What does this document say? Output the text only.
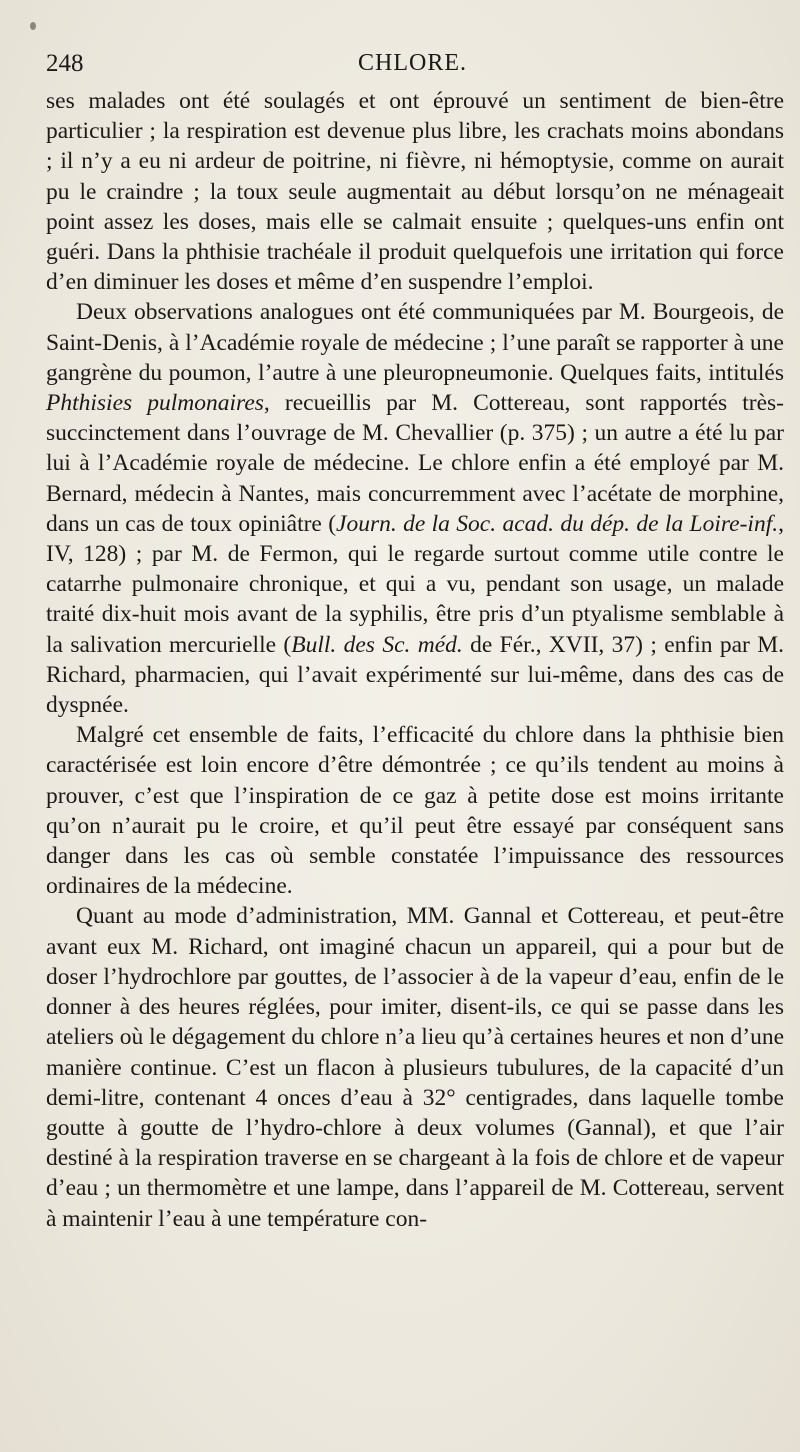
248	CHLORE.

ses malades ont été soulagés et ont éprouvé un sentiment de bien-être particulier ; la respiration est devenue plus libre, les crachats moins abondans ; il n’y a eu ni ardeur de poitrine, ni fièvre, ni hémoptysie, comme on aurait pu le craindre ; la toux seule augmentait au début lorsqu’on ne ménageait point assez les doses, mais elle se calmait ensuite ; quelques-uns enfin ont guéri. Dans la phthisie trachéale il produit quelquefois une irritation qui force d’en diminuer les doses et même d’en suspendre l’emploi.

Deux observations analogues ont été communiquées par M. Bourgeois, de Saint-Denis, à l’Académie royale de médecine ; l’une paraît se rapporter à une gangrène du poumon, l’autre à une pleuropneumonie. Quelques faits, intitulés Phthisies pulmonaires, recueillis par M. Cottereau, sont rapportés très-succinctement dans l’ouvrage de M. Chevallier (p. 375) ; un autre a été lu par lui à l’Académie royale de médecine. Le chlore enfin a été employé par M. Bernard, médecin à Nantes, mais concurremment avec l’acétate de morphine, dans un cas de toux opiniâtre (Journ. de la Soc. acad. du dép. de la Loire-inf., IV, 128) ; par M. de Fermon, qui le regarde surtout comme utile contre le catarrhe pulmonaire chronique, et qui a vu, pendant son usage, un malade traité dix-huit mois avant de la syphilis, être pris d’un ptyalisme semblable à la salivation mercurielle (Bull. des Sc. méd. de Fér., XVII, 37) ; enfin par M. Richard, pharmacien, qui l’avait expérimenté sur lui-même, dans des cas de dyspnée.

Malgré cet ensemble de faits, l’efficacité du chlore dans la phthisie bien caractérisée est loin encore d’être démontrée ; ce qu’ils tendent au moins à prouver, c’est que l’inspiration de ce gaz à petite dose est moins irritante qu’on n’aurait pu le croire, et qu’il peut être essayé par conséquent sans danger dans les cas où semble constatée l’impuissance des ressources ordinaires de la médecine.

Quant au mode d’administration, MM. Gannal et Cottereau, et peut-être avant eux M. Richard, ont imaginé chacun un appareil, qui a pour but de doser l’hydrochlore par gouttes, de l’associer à de la vapeur d’eau, enfin de le donner à des heures réglées, pour imiter, disent-ils, ce qui se passe dans les ateliers où le dégagement du chlore n’a lieu qu’à certaines heures et non d’une manière continue. C’est un flacon à plusieurs tubulures, de la capacité d’un demi-litre, contenant 4 onces d’eau à 32° centigrades, dans laquelle tombe goutte à goutte de l’hydro-chlore à deux volumes (Gannal), et que l’air destiné à la respiration traverse en se chargeant à la fois de chlore et de vapeur d’eau ; un thermomètre et une lampe, dans l’appareil de M. Cottereau, servent à maintenir l’eau à une température con-
